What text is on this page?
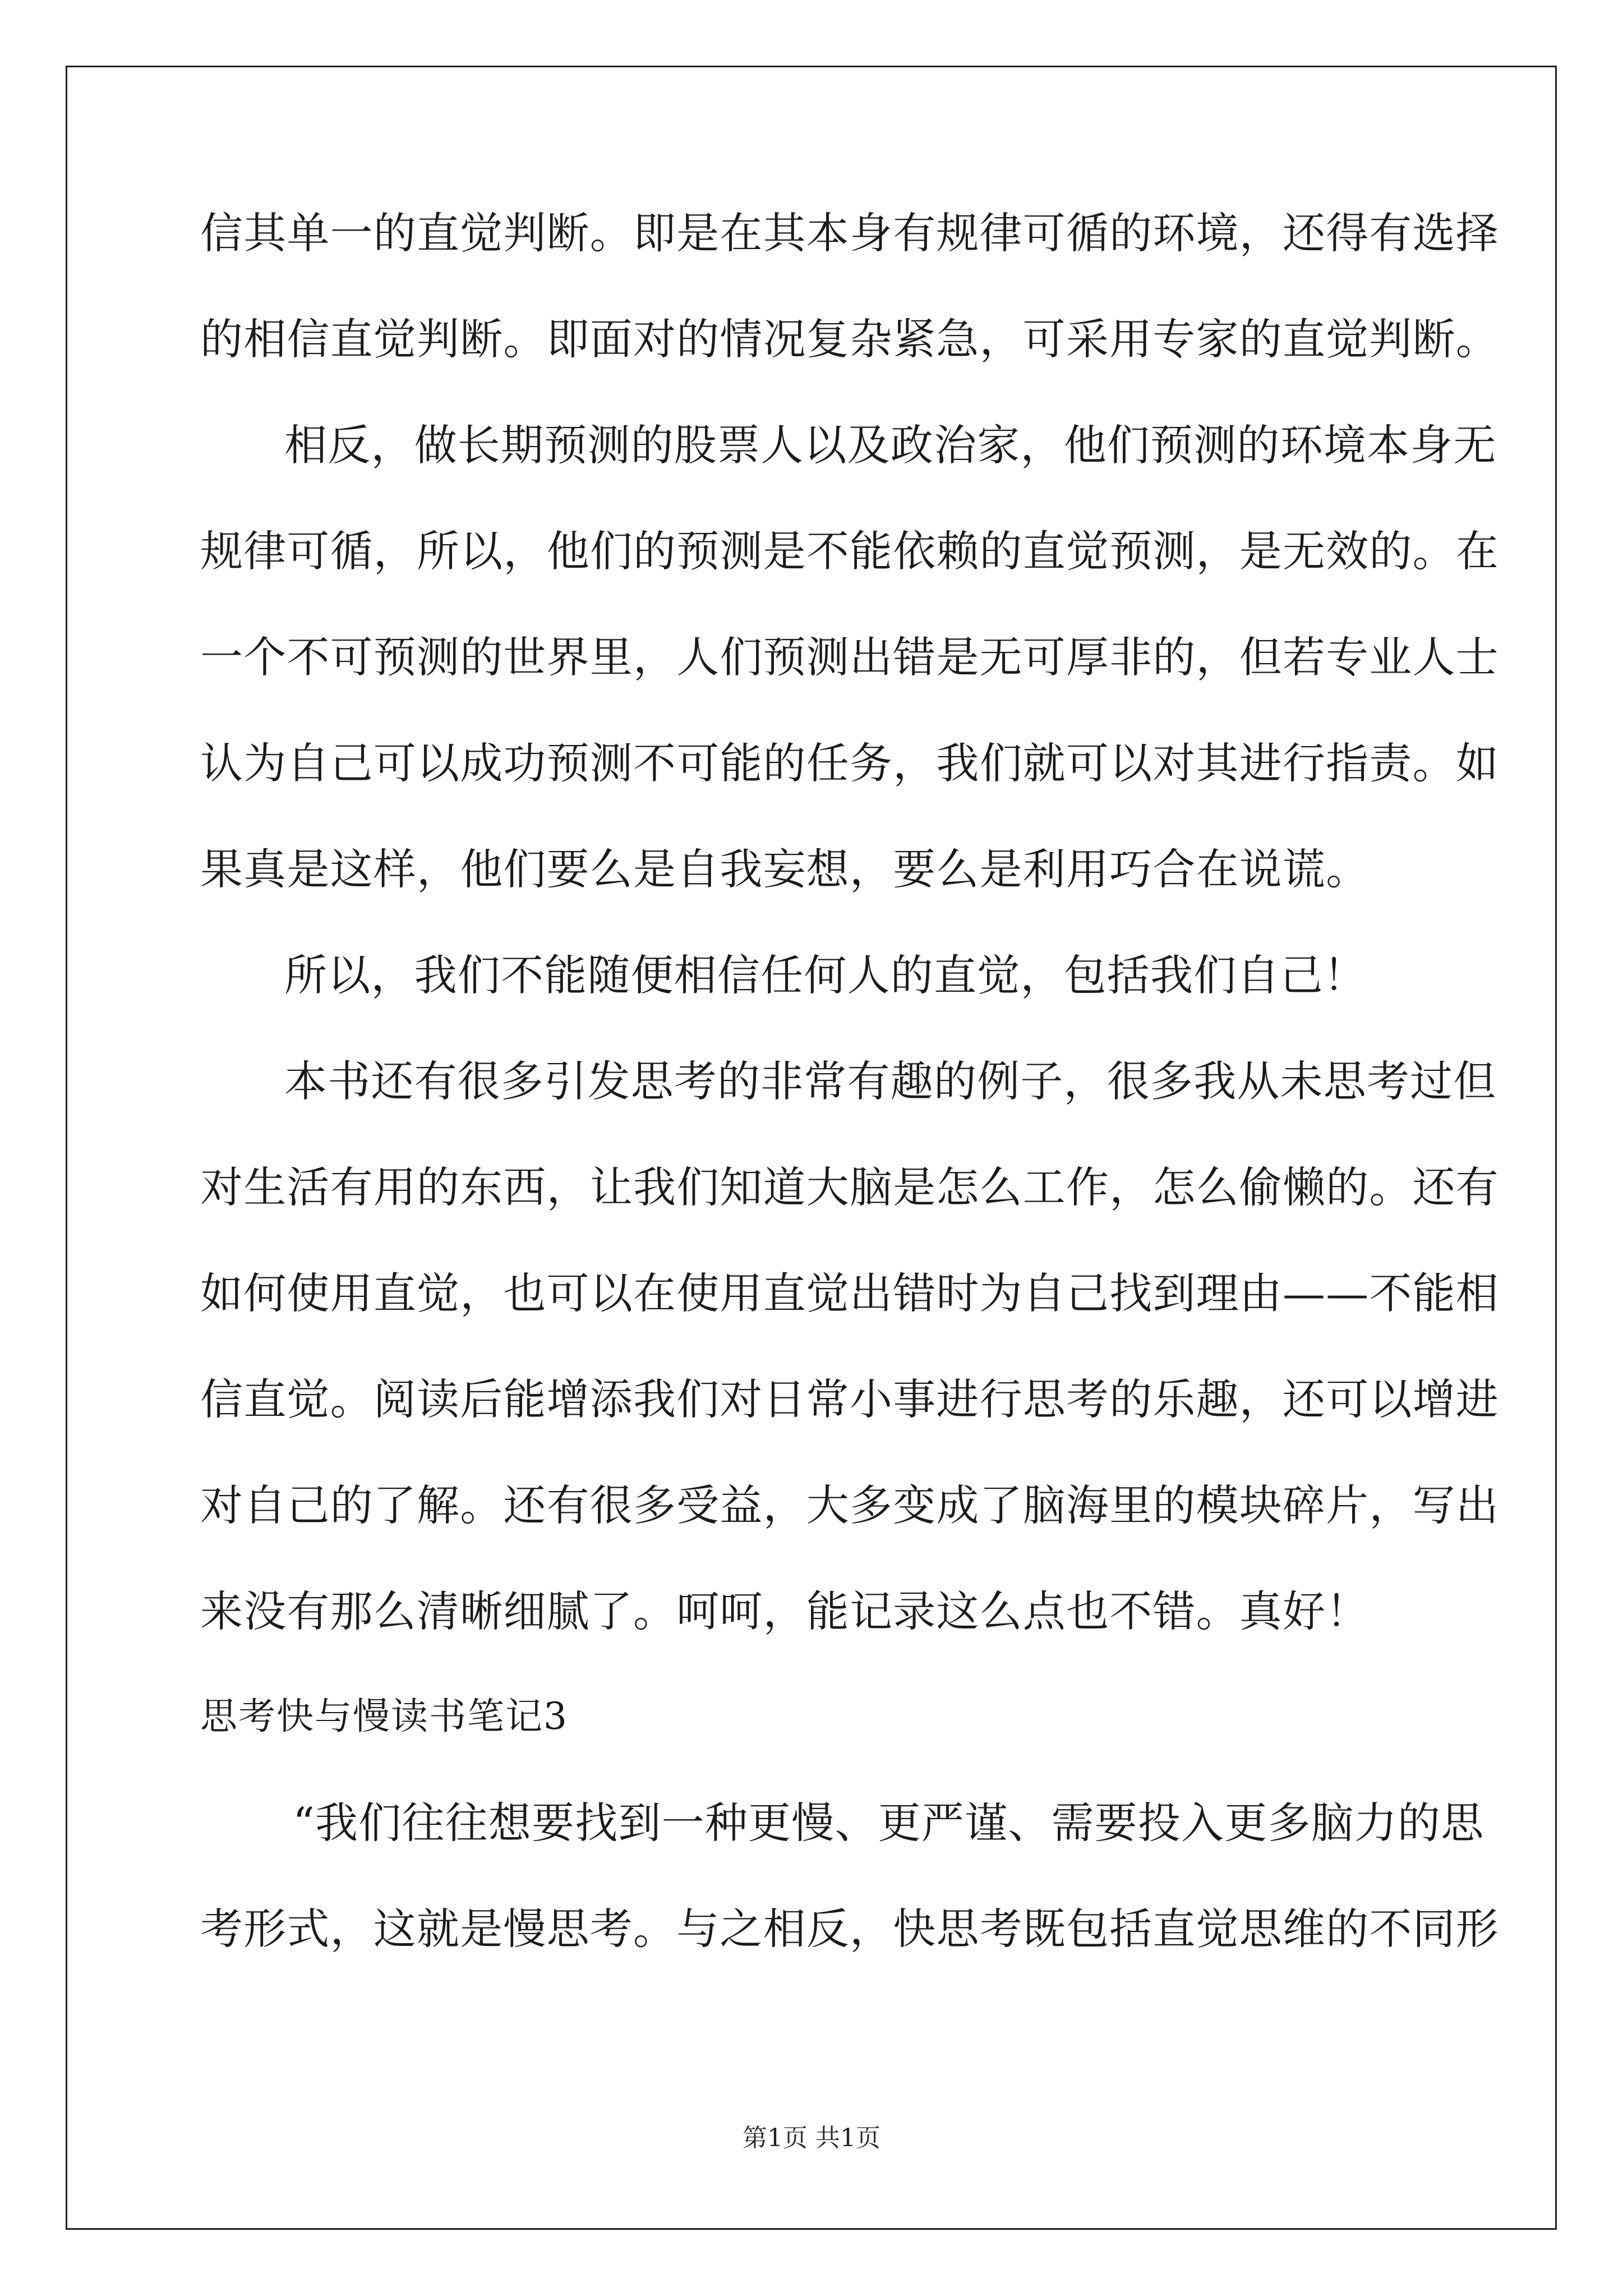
信其单一的直觉判断。即是在其本身有规律可循的环境，还得有选择
的相信直觉判断。即面对的情况复杂紧急，可采用专家的直觉判断。
相反，做长期预测的股票人以及政治家，他们预测的环境本身无
规律可循，所以，他们的预测是不能依赖的直觉预测，是无效的。在
一个不可预测的世界里，人们预测出错是无可厚非的，但若专业人士
认为自己可以成功预测不可能的任务，我们就可以对其进行指责。如
果真是这样，他们要么是自我妄想，要么是利用巧合在说谎。
所以，我们不能随便相信任何人的直觉，包括我们自己！
本书还有很多引发思考的非常有趣的例子，很多我从未思考过但
对生活有用的东西，让我们知道大脑是怎么工作，怎么偷懒的。还有
如何使用直觉，也可以在使用直觉出错时为自己找到理由——不能相
信直觉。阅读后能增添我们对日常小事进行思考的乐趣，还可以增进
对自己的了解。还有很多受益，大多变成了脑海里的模块碎片，写出
来没有那么清晰细腻了。呵呵，能记录这么点也不错。真好！
思考快与慢读书笔记3
“我们往往想要找到一种更慢、更严谨、需要投入更多脑力的思
考形式，这就是慢思考。与之相反，快思考既包括直觉思维的不同形
第1页 共1页
